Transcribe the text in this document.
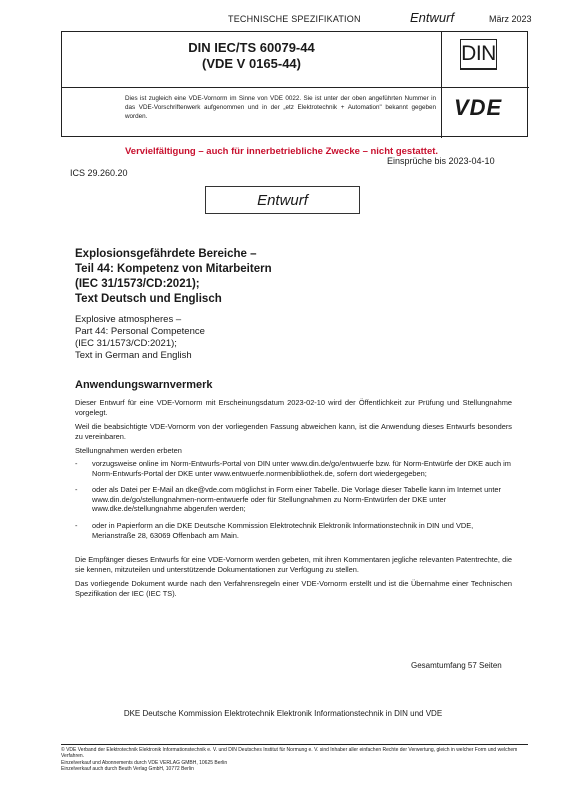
TECHNISCHE SPEZIFIKATION	Entwurf	März 2023
DIN IEC/TS 60079-44
(VDE V 0165-44)	DIN
Dies ist zugleich eine VDE-Vornorm im Sinne von VDE 0022. Sie ist unter der oben angeführten Nummer in das VDE-Vorschriftenwerk aufgenommen und in der „etz Elektrotechnik + Automation" bekannt gegeben worden.	VDE
Vervielfältigung – auch für innerbetriebliche Zwecke – nicht gestattet.
Einsprüche bis 2023-04-10
ICS 29.260.20
Entwurf
Explosionsgefährdete Bereiche –
Teil 44: Kompetenz von Mitarbeitern
(IEC 31/1573/CD:2021);
Text Deutsch und Englisch
Explosive atmospheres –
Part 44: Personal Competence
(IEC 31/1573/CD:2021);
Text in German and English
Anwendungswarnvermerk
Dieser Entwurf für eine VDE-Vornorm mit Erscheinungsdatum 2023-02-10 wird der Öffentlichkeit zur Prüfung und Stellungnahme vorgelegt.
Weil die beabsichtigte VDE-Vornorm von der vorliegenden Fassung abweichen kann, ist die Anwendung dieses Entwurfs besonders zu vereinbaren.
Stellungnahmen werden erbeten
- vorzugsweise online im Norm-Entwurfs-Portal von DIN unter www.din.de/go/entwuerfe bzw. für Norm-Entwürfe der DKE auch im Norm-Entwurfs-Portal der DKE unter www.entwuerfe.normenbibliothek.de, sofern dort wiedergegeben;
- oder als Datei per E-Mail an dke@vde.com möglichst in Form einer Tabelle. Die Vorlage dieser Tabelle kann im Internet unter www.din.de/go/stellungnahmen-norm-entwuerfe oder für Stellungnahmen zu Norm-Entwürfen der DKE unter www.dke.de/stellungnahme abgerufen werden;
- oder in Papierform an die DKE Deutsche Kommission Elektrotechnik Elektronik Informationstechnik in DIN und VDE, Merianstraße 28, 63069 Offenbach am Main.
Die Empfänger dieses Entwurfs für eine VDE-Vornorm werden gebeten, mit ihren Kommentaren jegliche relevanten Patentrechte, die sie kennen, mitzuteilen und unterstützende Dokumentationen zur Verfügung zu stellen.
Das vorliegende Dokument wurde nach den Verfahrensregeln einer VDE-Vornorm erstellt und ist die Übernahme einer Technischen Spezifikation der IEC (IEC TS).
Gesamtumfang 57 Seiten
DKE Deutsche Kommission Elektrotechnik Elektronik Informationstechnik in DIN und VDE
© VDE Verband der Elektrotechnik Elektronik Informationstechnik e. V. und DIN Deutsches Institut für Normung e. V. sind Inhaber aller einfachen Rechte der Verwertung, gleich in welcher Form und welchem Verfahren.
Einzelverkauf und Abonnements durch VDE VERLAG GMBH, 10625 Berlin
Einzelverkauf auch durch Beuth Verlag GmbH, 10772 Berlin
